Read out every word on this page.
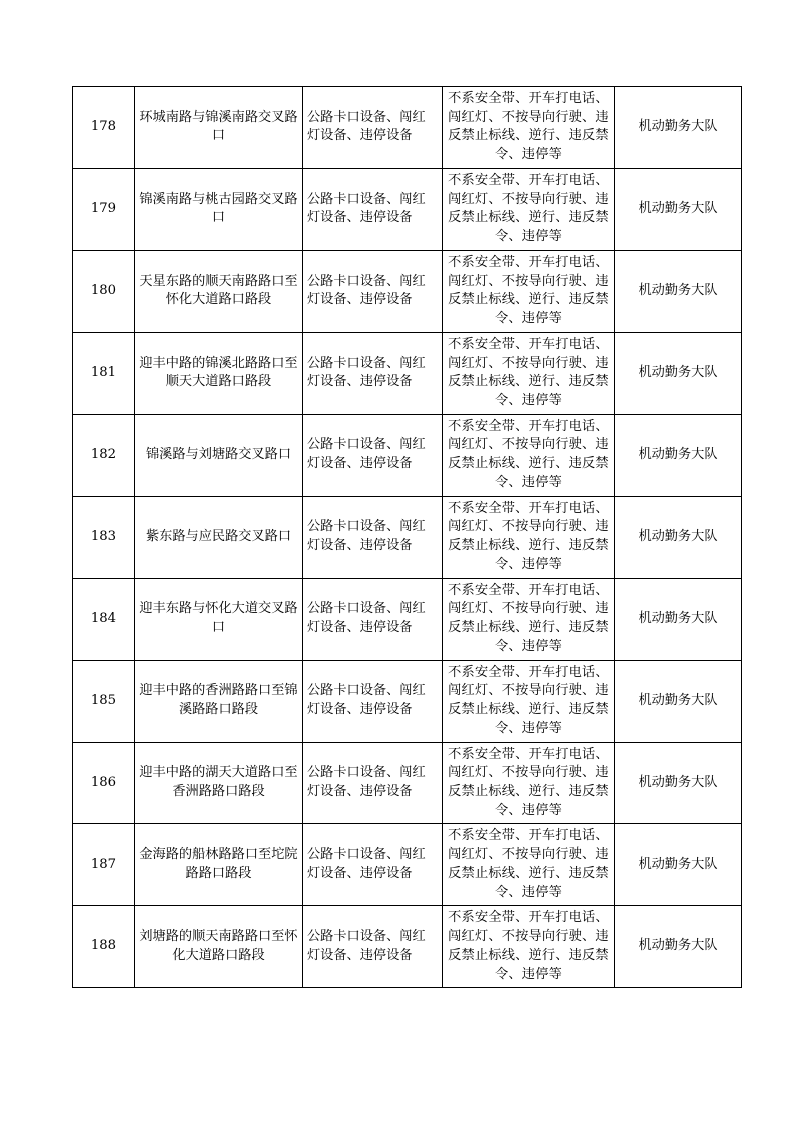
178	环城南路与锦溪南路交叉路口	公路卡口设备、闯红灯设备、违停设备	不系安全带、开车打电话、闯红灯、不按导向行驶、违反禁止标线、逆行、违反禁令、违停等	机动勤务大队
179	锦溪南路与桃古园路交叉路口	公路卡口设备、闯红灯设备、违停设备	不系安全带、开车打电话、闯红灯、不按导向行驶、违反禁止标线、逆行、违反禁令、违停等	机动勤务大队
180	天星东路的顺天南路路口至怀化大道路口路段	公路卡口设备、闯红灯设备、违停设备	不系安全带、开车打电话、闯红灯、不按导向行驶、违反禁止标线、逆行、违反禁令、违停等	机动勤务大队
181	迎丰中路的锦溪北路路口至顺天大道路口路段	公路卡口设备、闯红灯设备、违停设备	不系安全带、开车打电话、闯红灯、不按导向行驶、违反禁止标线、逆行、违反禁令、违停等	机动勤务大队
182	锦溪路与刘塘路交叉路口	公路卡口设备、闯红灯设备、违停设备	不系安全带、开车打电话、闯红灯、不按导向行驶、违反禁止标线、逆行、违反禁令、违停等	机动勤务大队
183	紫东路与应民路交叉路口	公路卡口设备、闯红灯设备、违停设备	不系安全带、开车打电话、闯红灯、不按导向行驶、违反禁止标线、逆行、违反禁令、违停等	机动勤务大队
184	迎丰东路与怀化大道交叉路口	公路卡口设备、闯红灯设备、违停设备	不系安全带、开车打电话、闯红灯、不按导向行驶、违反禁止标线、逆行、违反禁令、违停等	机动勤务大队
185	迎丰中路的香洲路路口至锦溪路路口路段	公路卡口设备、闯红灯设备、违停设备	不系安全带、开车打电话、闯红灯、不按导向行驶、违反禁止标线、逆行、违反禁令、违停等	机动勤务大队
186	迎丰中路的湖天大道路口至香洲路路口路段	公路卡口设备、闯红灯设备、违停设备	不系安全带、开车打电话、闯红灯、不按导向行驶、违反禁止标线、逆行、违反禁令、违停等	机动勤务大队
187	金海路的船林路路口至坨院路路口路段	公路卡口设备、闯红灯设备、违停设备	不系安全带、开车打电话、闯红灯、不按导向行驶、违反禁止标线、逆行、违反禁令、违停等	机动勤务大队
188	刘塘路的顺天南路路口至怀化大道路口路段	公路卡口设备、闯红灯设备、违停设备	不系安全带、开车打电话、闯红灯、不按导向行驶、违反禁止标线、逆行、违反禁令、违停等	机动勤务大队
